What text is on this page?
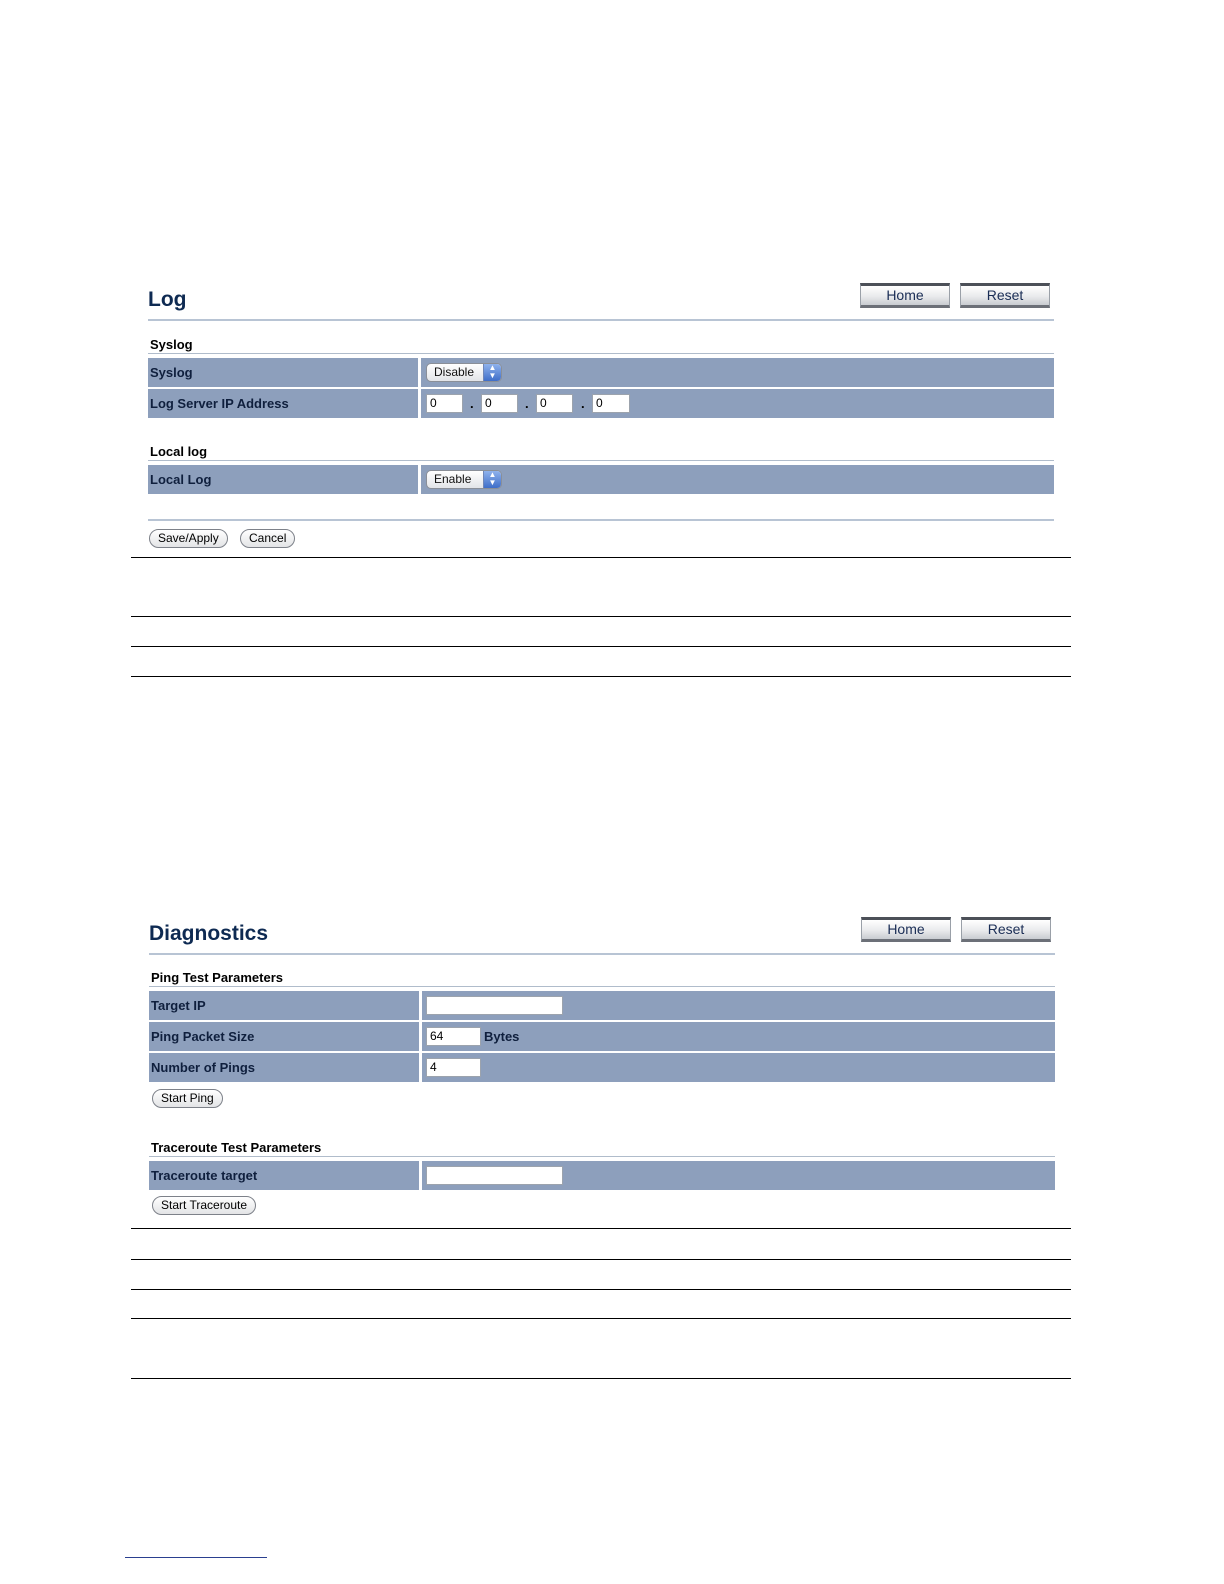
Log	Home	Reset
Syslog
Syslog	Disable	▲
▼
Log Server IP Address	0	. 0	. 0	. 0
Local log
Local Log	Enable	▲
▼
Save/Apply	Cancel
Diagnostics	Home	Reset
Ping Test Parameters
Target IP
Ping Packet Size	64	Bytes
Number of Pings	4
Start Ping
Traceroute Test Parameters
Traceroute target
Start Traceroute
